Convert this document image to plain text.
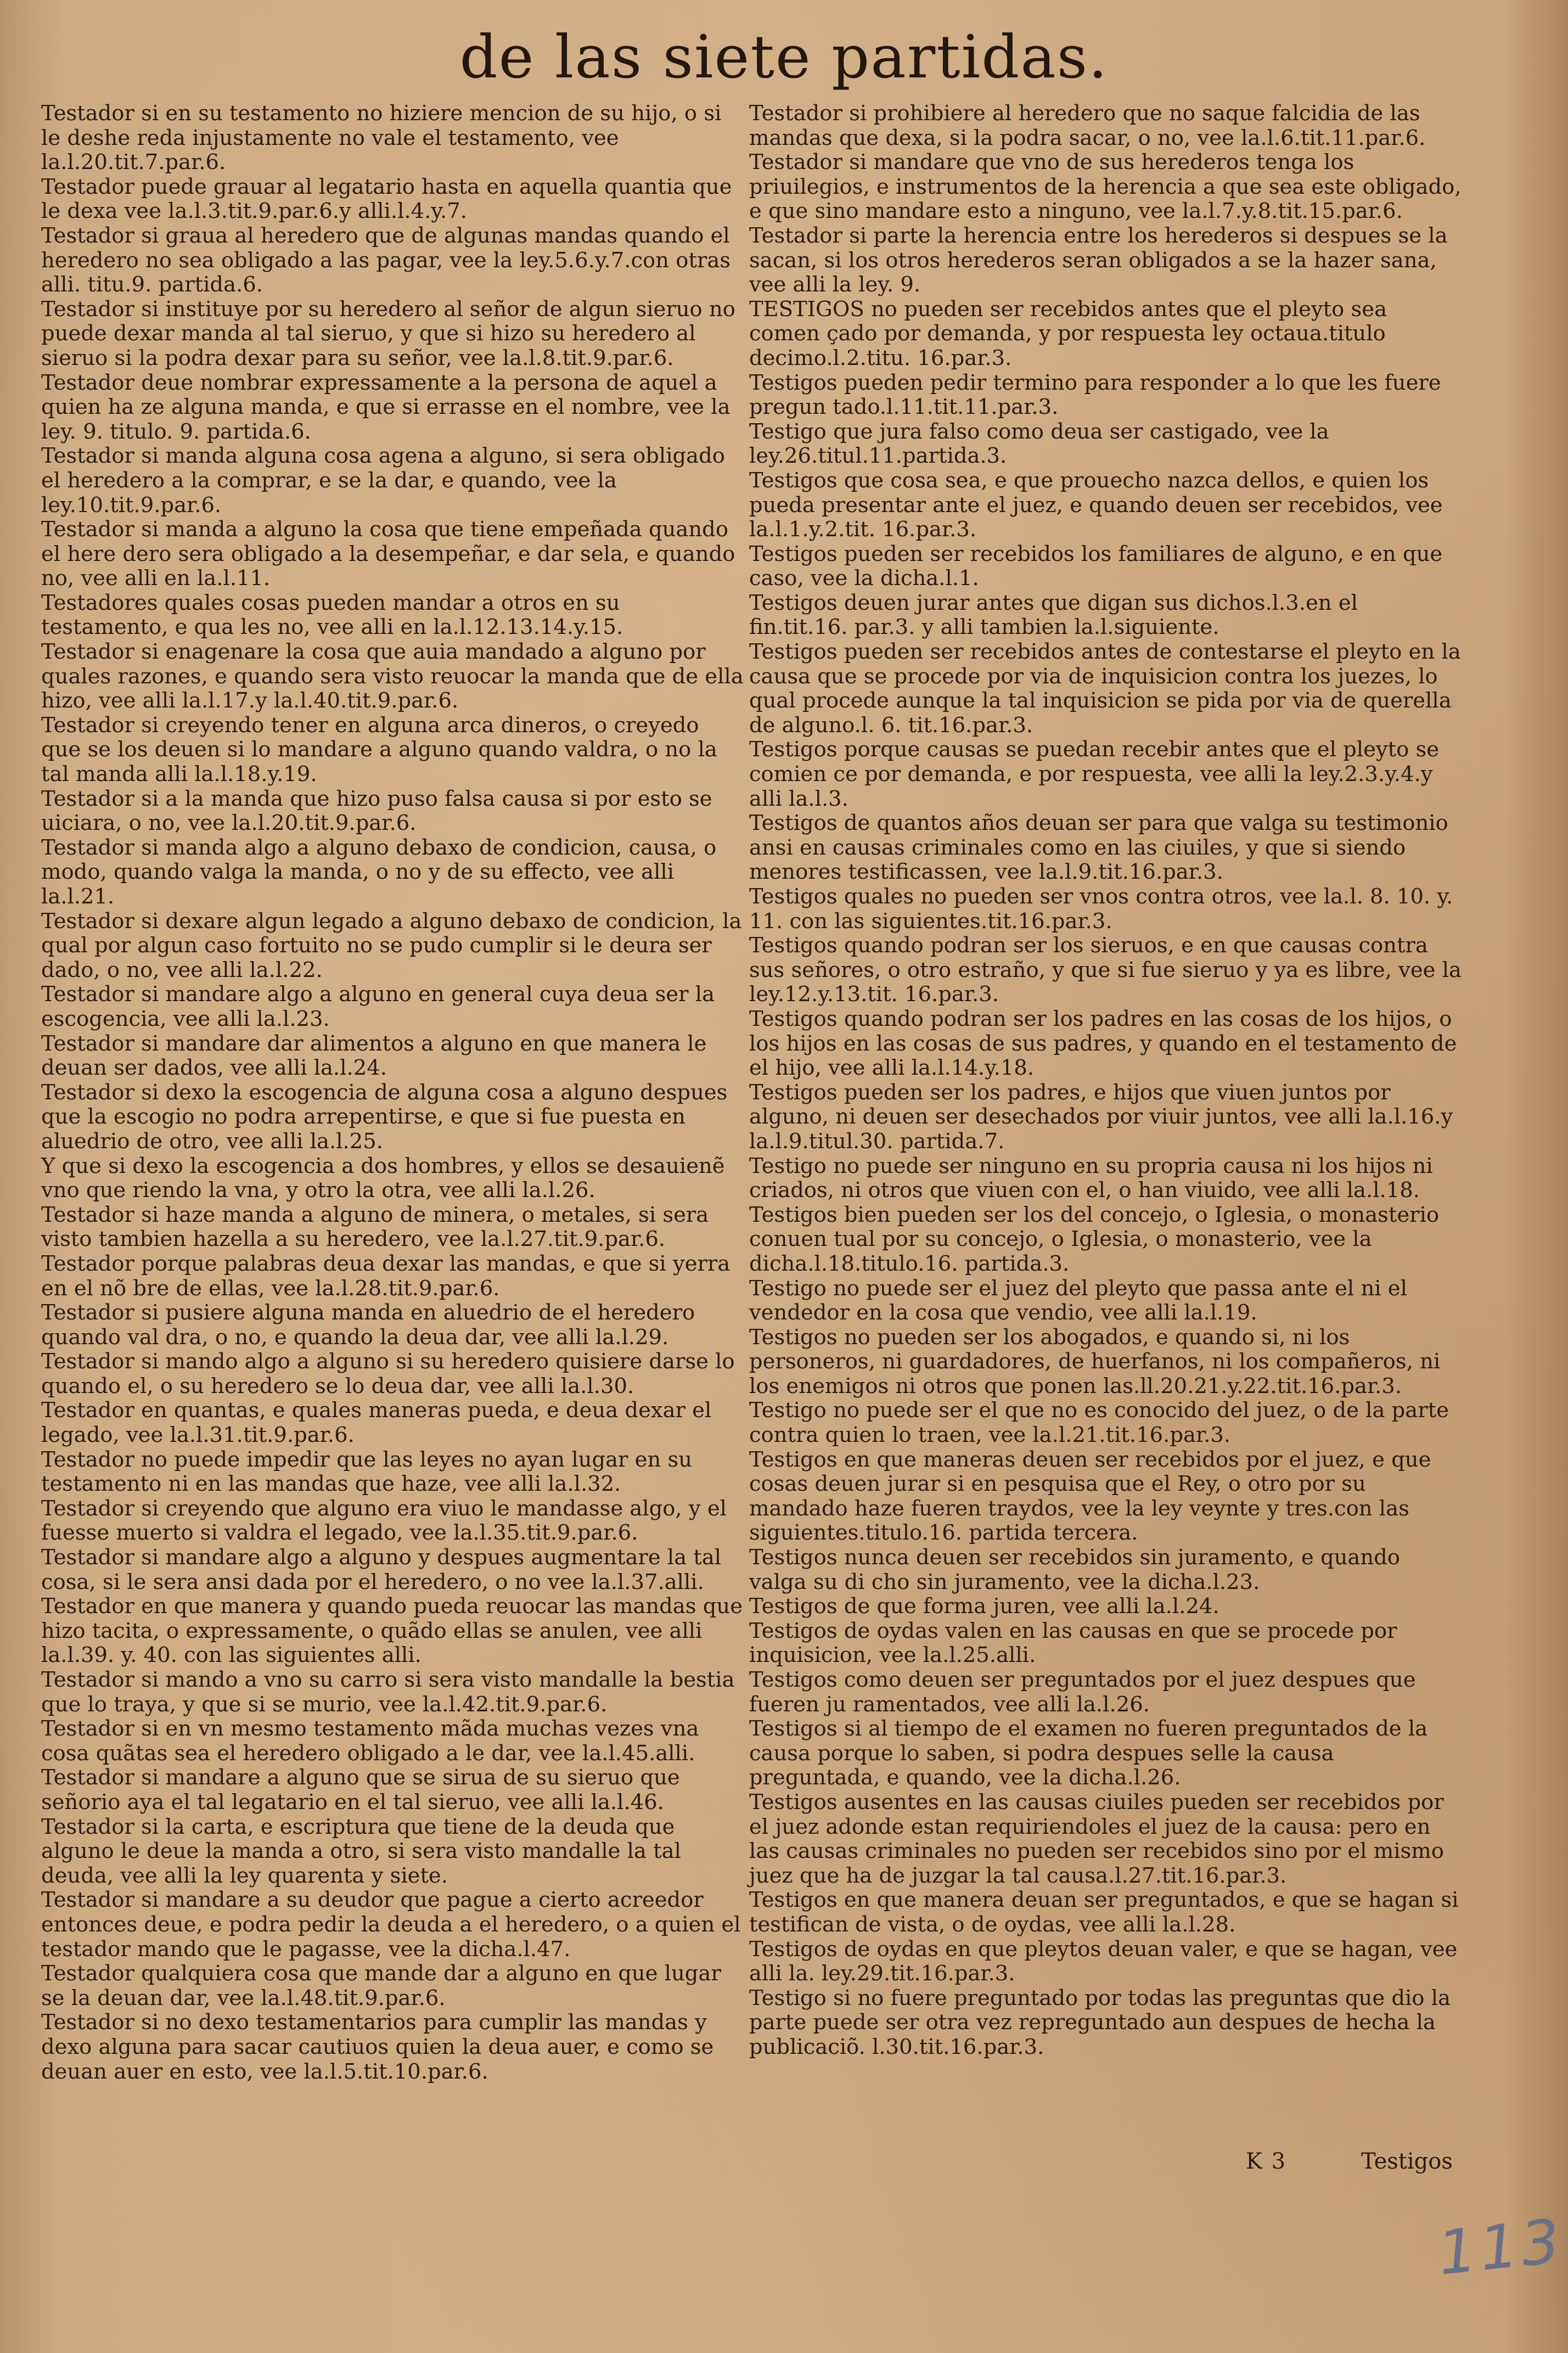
de las siete partidas.

Testador si en su testamento no hiziere mencion de su hijo, o si le deshe reda injustamente no vale el testamento, vee la.l.20.tit.7.par.6.

Testador puede grauar al legatario hasta en aquella quantia que le dexa vee la.l.3.tit.9.par.6.y alli.l.4.y.7.

Testador si graua al heredero que de algunas mandas quando el heredero no sea obligado a las pagar, vee la ley.5.6.y.7.con otras alli. titu.9. partida.6.

Testador si instituye por su heredero al señor de algun sieruo no puede dexar manda al tal sieruo, y que si hizo su heredero al sieruo si la podra dexar para su señor, vee la.l.8.tit.9.par.6.

Testador deue nombrar expressamente a la persona de aquel a quien ha ze alguna manda, e que si errasse en el nombre, vee la ley. 9. titulo. 9. partida.6.

Testador si manda alguna cosa agena a alguno, si sera obligado el heredero a la comprar, e se la dar, e quando, vee la ley.10.tit.9.par.6.

Testador si manda a alguno la cosa que tiene empeñada quando el here dero sera obligado a la desempeñar, e dar sela, e quando no, vee alli en la.l.11.

Testadores quales cosas pueden mandar a otros en su testamento, e qua les no, vee alli en la.l.12.13.14.y.15.

Testador si enagenare la cosa que auia mandado a alguno por quales razones, e quando sera visto reuocar la manda que de ella hizo, vee alli la.l.17.y la.l.40.tit.9.par.6.

Testador si creyendo tener en alguna arca dineros, o creyedo que se los deuen si lo mandare a alguno quando valdra, o no la tal manda alli la.l.18.y.19.

Testador si a la manda que hizo puso falsa causa si por esto se uiciara, o no, vee la.l.20.tit.9.par.6.

Testador si manda algo a alguno debaxo de condicion, causa, o modo, quando valga la manda, o no y de su effecto, vee alli la.l.21.

Testador si dexare algun legado a alguno debaxo de condicion, la qual por algun caso fortuito no se pudo cumplir si le deura ser dado, o no, vee alli la.l.22.

Testador si mandare algo a alguno en general cuya deua ser la escogencia, vee alli la.l.23.

Testador si mandare dar alimentos a alguno en que manera le deuan ser dados, vee alli la.l.24.

Testador si dexo la escogencia de alguna cosa a alguno despues que la escogio no podra arrepentirse, e que si fue puesta en aluedrio de otro, vee alli la.l.25.

Y que si dexo la escogencia a dos hombres, y ellos se desauienẽ vno que riendo la vna, y otro la otra, vee alli la.l.26.

Testador si haze manda a alguno de minera, o metales, si sera visto tambien hazella a su heredero, vee la.l.27.tit.9.par.6.

Testador porque palabras deua dexar las mandas, e que si yerra en el nõ bre de ellas, vee la.l.28.tit.9.par.6.

Testador si pusiere alguna manda en aluedrio de el heredero quando val dra, o no, e quando la deua dar, vee alli la.l.29.

Testador si mando algo a alguno si su heredero quisiere darse lo quando el, o su heredero se lo deua dar, vee alli la.l.30.

Testador en quantas, e quales maneras pueda, e deua dexar el legado, vee la.l.31.tit.9.par.6.

Testador no puede impedir que las leyes no ayan lugar en su testamento ni en las mandas que haze, vee alli la.l.32.

Testador si creyendo que alguno era viuo le mandasse algo, y el fuesse muerto si valdra el legado, vee la.l.35.tit.9.par.6.

Testador si mandare algo a alguno y despues augmentare la tal cosa, si le sera ansi dada por el heredero, o no vee la.l.37.alli.

Testador en que manera y quando pueda reuocar las mandas que hizo tacita, o expressamente, o quãdo ellas se anulen, vee alli la.l.39. y. 40. con las siguientes alli.

Testador si mando a vno su carro si sera visto mandalle la bestia que lo traya, y que si se murio, vee la.l.42.tit.9.par.6.

Testador si en vn mesmo testamento mãda muchas vezes vna cosa quãtas sea el heredero obligado a le dar, vee la.l.45.alli.

Testador si mandare a alguno que se sirua de su sieruo que señorio aya el tal legatario en el tal sieruo, vee alli la.l.46.

Testador si la carta, e escriptura que tiene de la deuda que alguno le deue la manda a otro, si sera visto mandalle la tal deuda, vee alli la ley quarenta y siete.

Testador si mandare a su deudor que pague a cierto acreedor entonces deue, e podra pedir la deuda a el heredero, o a quien el testador mando que le pagasse, vee la dicha.l.47.

Testador qualquiera cosa que mande dar a alguno en que lugar se la deuan dar, vee la.l.48.tit.9.par.6.

Testador si no dexo testamentarios para cumplir las mandas y dexo alguna para sacar cautiuos quien la deua auer, e como se deuan auer en esto, vee la.l.5.tit.10.par.6.

Testador si prohibiere al heredero que no saque falcidia de las mandas que dexa, si la podra sacar, o no, vee la.l.6.tit.11.par.6.

Testador si mandare que vno de sus herederos tenga los priuilegios, e instrumentos de la herencia a que sea este obligado, e que sino mandare esto a ninguno, vee la.l.7.y.8.tit.15.par.6.

Testador si parte la herencia entre los herederos si despues se la sacan, si los otros herederos seran obligados a se la hazer sana, vee alli la ley. 9.

TESTIGOS no pueden ser recebidos antes que el pleyto sea comen çado por demanda, y por respuesta ley octaua.titulo decimo.l.2.titu. 16.par.3.

Testigos pueden pedir termino para responder a lo que les fuere pregun tado.l.11.tit.11.par.3.

Testigo que jura falso como deua ser castigado, vee la ley.26.titul.11.partida.3.

Testigos que cosa sea, e que prouecho nazca dellos, e quien los pueda presentar ante el juez, e quando deuen ser recebidos, vee la.l.1.y.2.tit. 16.par.3.

Testigos pueden ser recebidos los familiares de alguno, e en que caso, vee la dicha.l.1.

Testigos deuen jurar antes que digan sus dichos.l.3.en el fin.tit.16. par.3. y alli tambien la.l.siguiente.

Testigos pueden ser recebidos antes de contestarse el pleyto en la causa que se procede por via de inquisicion contra los juezes, lo qual procede aunque la tal inquisicion se pida por via de querella de alguno.l. 6. tit.16.par.3.

Testigos porque causas se puedan recebir antes que el pleyto se comien ce por demanda, e por respuesta, vee alli la ley.2.3.y.4.y alli la.l.3.

Testigos de quantos años deuan ser para que valga su testimonio ansi en causas criminales como en las ciuiles, y que si siendo menores testificassen, vee la.l.9.tit.16.par.3.

Testigos quales no pueden ser vnos contra otros, vee la.l. 8. 10. y. 11. con las siguientes.tit.16.par.3.

Testigos quando podran ser los sieruos, e en que causas contra sus señores, o otro estraño, y que si fue sieruo y ya es libre, vee la ley.12.y.13.tit. 16.par.3.

Testigos quando podran ser los padres en las cosas de los hijos, o los hijos en las cosas de sus padres, y quando en el testamento de el hijo, vee alli la.l.14.y.18.

Testigos pueden ser los padres, e hijos que viuen juntos por alguno, ni deuen ser desechados por viuir juntos, vee alli la.l.16.y la.l.9.titul.30. partida.7.

Testigo no puede ser ninguno en su propria causa ni los hijos ni criados, ni otros que viuen con el, o han viuido, vee alli la.l.18.

Testigos bien pueden ser los del concejo, o Iglesia, o monasterio conuen tual por su concejo, o Iglesia, o monasterio, vee la dicha.l.18.titulo.16. partida.3.

Testigo no puede ser el juez del pleyto que passa ante el ni el vendedor en la cosa que vendio, vee alli la.l.19.

Testigos no pueden ser los abogados, e quando si, ni los personeros, ni guardadores, de huerfanos, ni los compañeros, ni los enemigos ni otros que ponen las.ll.20.21.y.22.tit.16.par.3.

Testigo no puede ser el que no es conocido del juez, o de la parte contra quien lo traen, vee la.l.21.tit.16.par.3.

Testigos en que maneras deuen ser recebidos por el juez, e que cosas deuen jurar si en pesquisa que el Rey, o otro por su mandado haze fueren traydos, vee la ley veynte y tres.con las siguientes.titulo.16. partida tercera.

Testigos nunca deuen ser recebidos sin juramento, e quando valga su di cho sin juramento, vee la dicha.l.23.

Testigos de que forma juren, vee alli la.l.24.

Testigos de oydas valen en las causas en que se procede por inquisicion, vee la.l.25.alli.

Testigos como deuen ser preguntados por el juez despues que fueren ju ramentados, vee alli la.l.26.

Testigos si al tiempo de el examen no fueren preguntados de la causa porque lo saben, si podra despues selle la causa preguntada, e quando, vee la dicha.l.26.

Testigos ausentes en las causas ciuiles pueden ser recebidos por el juez adonde estan requiriendoles el juez de la causa: pero en las causas criminales no pueden ser recebidos sino por el mismo juez que ha de juzgar la tal causa.l.27.tit.16.par.3.

Testigos en que manera deuan ser preguntados, e que se hagan si testifican de vista, o de oydas, vee alli la.l.28.

Testigos de oydas en que pleytos deuan valer, e que se hagan, vee alli la. ley.29.tit.16.par.3.

Testigo si no fuere preguntado por todas las preguntas que dio la parte puede ser otra vez repreguntado aun despues de hecha la publicaciõ. l.30.tit.16.par.3.

K 3	Testigos
113
